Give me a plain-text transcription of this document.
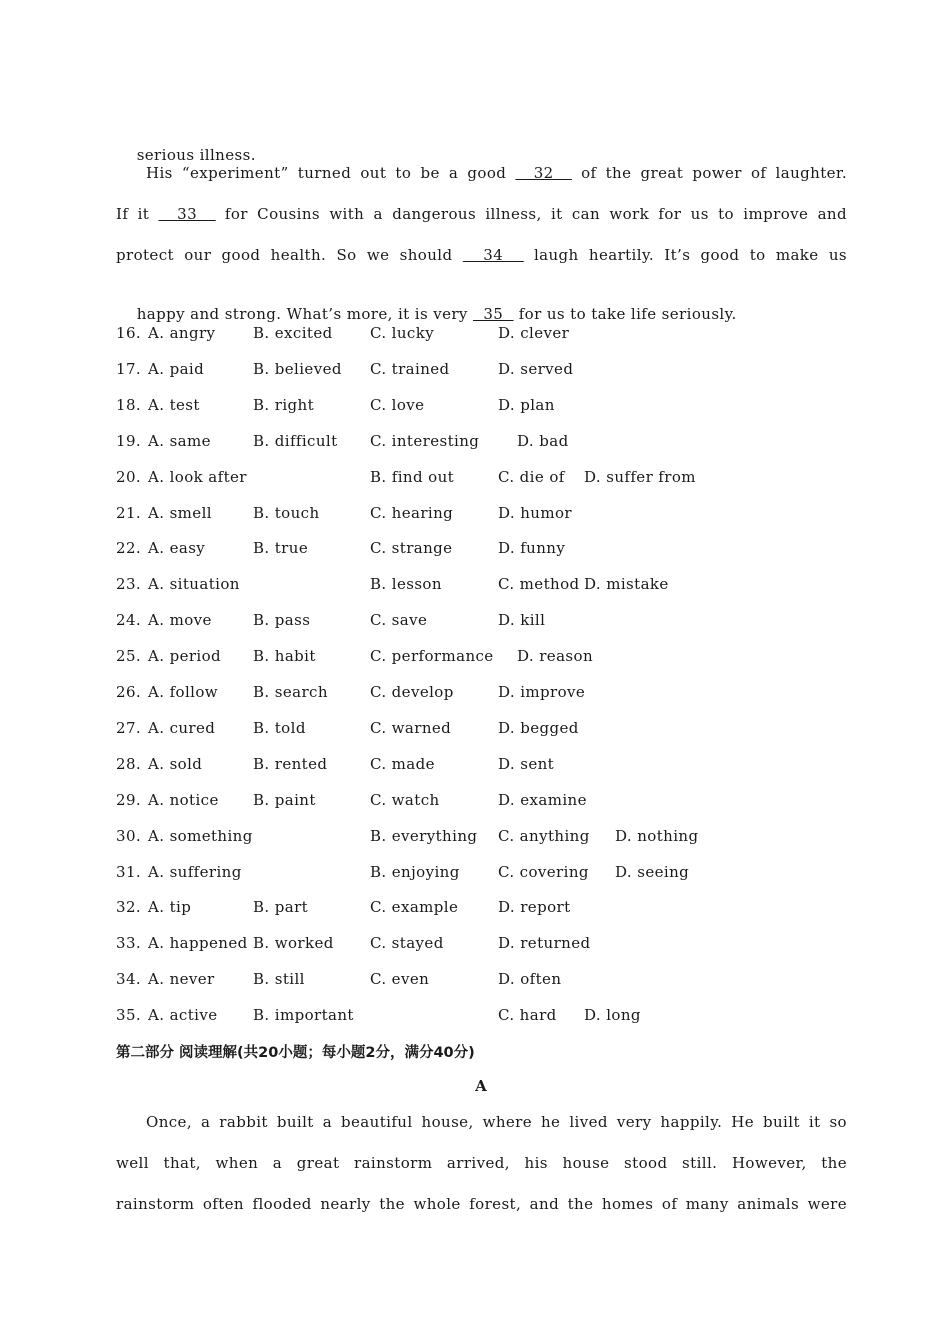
serious illness.

His “experiment” turned out to be a good   32   of the great power of laughter.
If it   33   for Cousins with a dangerous illness, it can work for us to improve and
protect our good health. So we should   34   laugh heartily. It’s good to make us

happy and strong. What’s more, it is very   35   for us to take life seriously.

16. A. angry	B. excited C. lucky	D. clever
17. A. paid	B. believed C. trained	D. served
18. A. test	B. right	C. love	D. plan
19. A. same	B. difficult C. interesting	D. bad
20. A. look after	B. find out	C. die of D. suffer from
21. A. smell	B. touch	C. hearing	D. humor
22. A. easy	B. true	C. strange	D. funny
23. A. situation	B. lesson	C. method D. mistake
24. A. move	B. pass	C. save	D. kill
25. A. period B. habit	C. performance D. reason
26. A. follow B. search	C. develop	D. improve
27. A. cured	B. told	C. warned	D. begged
28. A. sold	B. rented	C. made	D. sent
29. A. notice B. paint	C. watch	D. examine
30. A. something	B. everything C. anything D. nothing
31. A. suffering	B. enjoying	C. covering D. seeing
32. A. tip	B. part	C. example	D. report
33. A. happened B. worked C. stayed	D. returned
34. A. never	B. still	C. even	D. often
35. A. active B. important	C. hard D. long
第二部分 阅读理解(共20小题；每小题2分，满分40分)
A
Once, a rabbit built a beautiful house, where he lived very happily. He built it so
well that, when a great rainstorm arrived, his house stood still. However, the
rainstorm often flooded nearly the whole forest, and the homes of many animals were
